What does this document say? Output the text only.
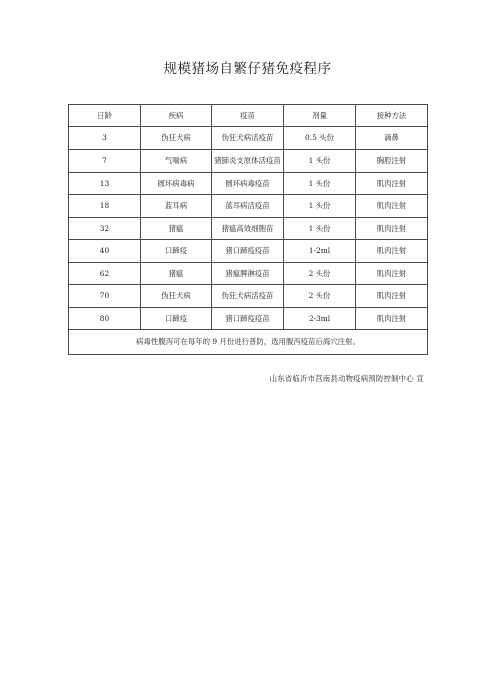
规模猪场自繁仔猪免疫程序
日龄	疾病	疫苗	剂量	接种方法
3	伪狂犬病	伪狂犬病活疫苗	0.5 头份	滴鼻
7	气喘病	猪肺炎支原体活疫苗	1 头份	胸腔注射
13	圆环病毒病	圆环病毒疫苗	1 头份	肌肉注射
18	蓝耳病	蓝耳病活疫苗	1 头份	肌肉注射
32	猪瘟	猪瘟高效细胞苗	1 头份	肌肉注射
40	口蹄疫	猪口蹄疫疫苗	1-2ml	肌肉注射
62	猪瘟	猪瘟脾淋疫苗	2 头份	肌肉注射
70	伪狂犬病	伪狂犬病活疫苗	2 头份	肌肉注射
80	口蹄疫	猪口蹄疫疫苗	2-3ml	肌肉注射
病毒性腹泻可在每年的 9 月份进行普防，选用腹泻疫苗后海穴注射。				
山东省临沂市莒南县动物疫病预防控制中心 宣
